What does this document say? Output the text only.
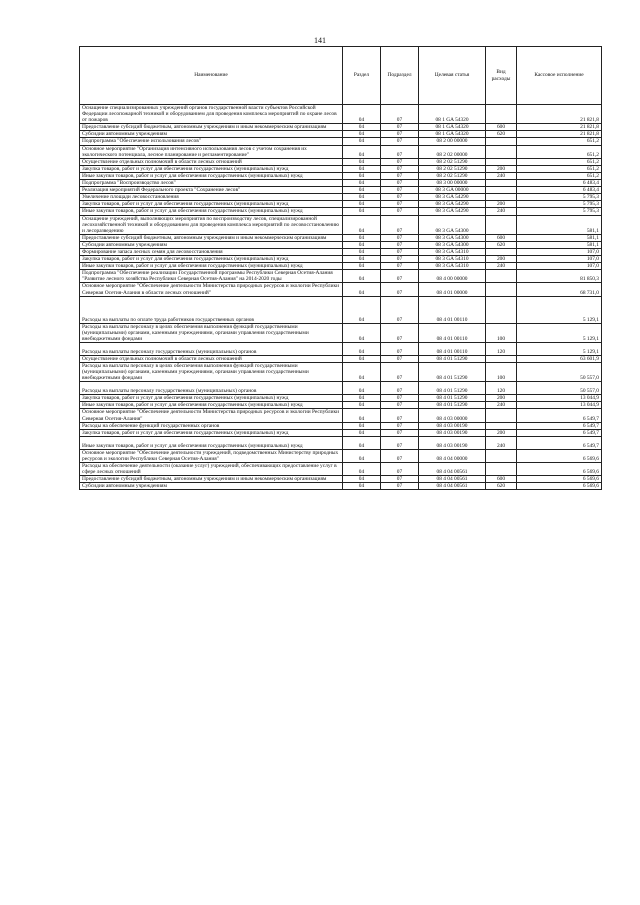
141
Наименование	Раздел	Подраздел	Целевая статья	Вид расходы	Кассовое исполнение
Оснащение специализированных учреждений органов государственной власти субъектов Российской Федерации лесопожарной техникой и оборудованием для проведения комплекса мероприятий по охране лесов от пожаров	04	07	08 1 GA 54320		21 821,8
Предоставление субсидий бюджетным, автономным учреждениям и иным некоммерческим организациям	04	07	08 1 GA 54320	600	21 821,8
Субсидии автономным учреждениям	04	07	08 1 GA 54320	620	21 821,8
Подпрограмма "Обеспечение использования лесов"	04	07	08 2 00 00000		651,2
Основное мероприятие "Организация интенсивного использования лесов с учетом сохранения их экологического потенциала, лесное планирование и регламентирование"	04	07	08 2 02 00000		651,2
Осуществление отдельных полномочий в области лесных отношений	04	07	08 2 02 51290		651,2
Закупка товаров, работ и услуг для обеспечения государственных (муниципальных) нужд	04	07	08 2 02 51290	200	651,2
Иные закупки товаров, работ и услуг для обеспечения государственных (муниципальных) нужд	04	07	08 2 02 51290	240	651,2
Подпрограмма "Воспроизводство лесов"	04	07	08 3 00 00000		6 483,4
Реализация мероприятий Федерального проекта "Сохранение лесов"	04	07	08 3 GA 00000		6 483,4
Увеличение площади лесовосстановления	04	07	08 3 GA 54290		5 795,3
Закупка товаров, работ и услуг для обеспечения государственных (муниципальных) нужд	04	07	08 3 GA 54290	200	5 795,3
Иные закупки товаров, работ и услуг для обеспечения государственных (муниципальных) нужд	04	07	08 3 GA 54290	240	5 795,3
Оснащение учреждений, выполняющих мероприятия по воспроизводству лесов, специализированной лесохозяйственной техникой и оборудованием для проведения комплекса мероприятий по лесовосстановлению и лесоразведению	04	07	08 3 GA 54300		581,1
Предоставление субсидий бюджетным, автономным учреждениям и иным некоммерческим организациям	04	07	08 3 GA 54300	600	581,1
Субсидии автономным учреждениям	04	07	08 3 GA 54300	620	581,1
Формирование запаса лесных семян для лесовосстановления	04	07	08 3 GA 54310		107,0
Закупка товаров, работ и услуг для обеспечения государственных (муниципальных) нужд	04	07	08 3 GA 54310	200	107,0
Иные закупки товаров, работ и услуг для обеспечения государственных (муниципальных) нужд	04	07	08 3 GA 54310	240	107,0
Подпрограмма "Обеспечение реализации Государственной программы Республики Северная Осетия-Алания "Развитие лесного хозяйства Республики Северная Осетия-Алания" на 2014-2020 годы	04	07	08 4 00 00000		81 850,3
Основное мероприятие "Обеспечение деятельности Министерства природных ресурсов и экологии Республики Северная Осетия-Алания в области лесных отношений"	04	07	08 4 01 00000		68 731,0
Расходы на выплаты по оплате труда работников государственных органов	04	07	08 4 01 00110		5 129,1
Расходы на выплаты персоналу в целях обеспечения выполнения функций государственными (муниципальными) органами, казенными учреждениями, органами управления государственными внебюджетными фондами	04	07	08 4 01 00110	100	5 129,1
Расходы на выплаты персоналу государственных (муниципальных) органов	04	07	08 4 01 00110	120	5 129,1
Осуществление отдельных полномочий в области лесных отношений	04	07	08 4 01 51290		63 601,9
Расходы на выплаты персоналу в целях обеспечения выполнения функций государственными (муниципальными) органами, казенными учреждениями, органами управления государственными внебюджетными фондами	04	07	08 4 01 51290	100	50 557,0
Расходы на выплаты персоналу государственных (муниципальных) органов	04	07	08 4 01 51290	120	50 557,0
Закупка товаров, работ и услуг для обеспечения государственных (муниципальных) нужд	04	07	08 4 01 51290	200	13 044,9
Иные закупки товаров, работ и услуг для обеспечения государственных (муниципальных) нужд	04	07	08 4 01 51290	240	13 044,9
Основное мероприятие "Обеспечение деятельности Министерства природных ресурсов и экологии Республики Северная Осетия-Алания"	04	07	08 4 03 00000		6 549,7
Расходы на обеспечение функций государственных органов	04	07	08 4 03 00190		6 549,7
Закупка товаров, работ и услуг для обеспечения государственных (муниципальных) нужд	04	07	08 4 03 00190	200	6 549,7
Иные закупки товаров, работ и услуг для обеспечения государственных (муниципальных) нужд	04	07	08 4 03 00190	240	6 549,7
Основное мероприятие "Обеспечение деятельности учреждений, подведомственных Министерству природных ресурсов и экологии Республики Северная Осетия-Алания"	04	07	08 4 04 00000		6 569,6
Расходы на обеспечение деятельности (оказание услуг) учреждений, обеспечивающих предоставление услуг в сфере лесных отношений	04	07	08 4 04 00561		6 569,6
Предоставление субсидий бюджетным, автономным учреждениям и иным некоммерческим организациям	04	07	08 4 04 00561	600	6 569,6
Субсидии автономным учреждениям	04	07	08 4 04 00561	620	6 569,6
